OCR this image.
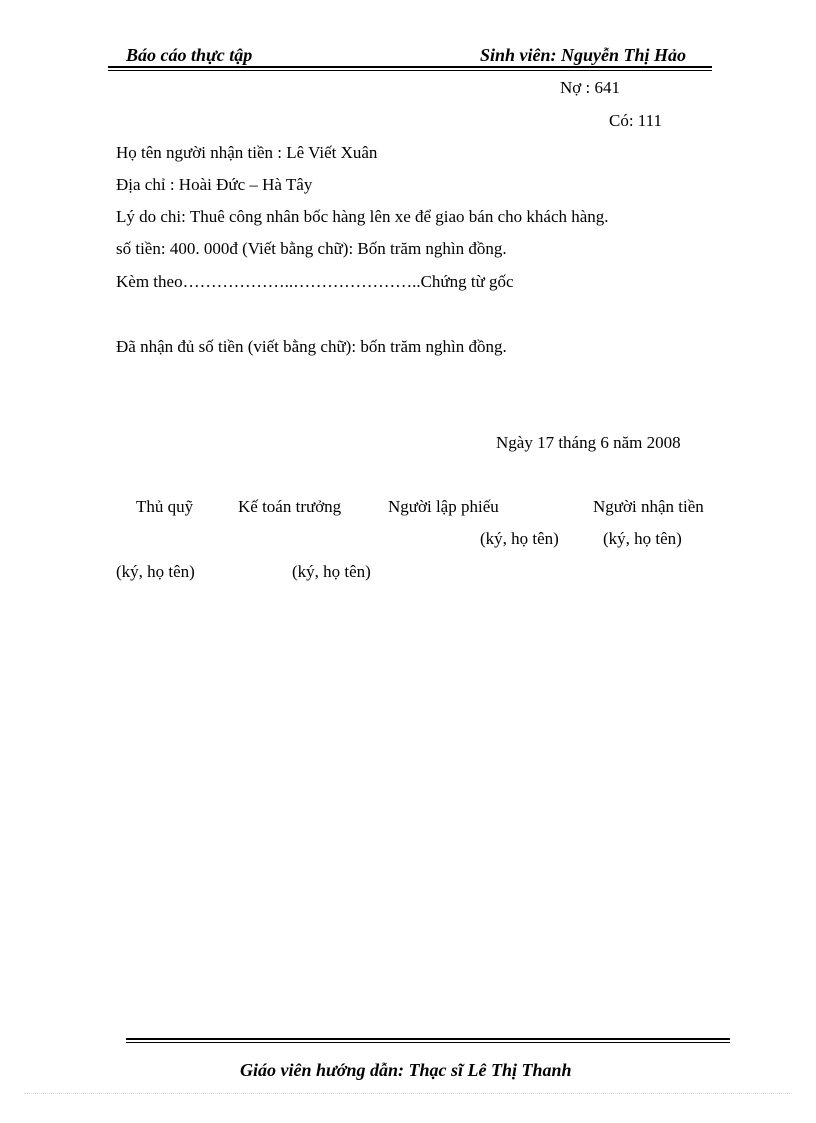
Báo cáo thực tập	Sinh viên: Nguyễn Thị Hảo
Nợ : 641
Có: 111
Họ tên người nhận tiền : Lê Viết Xuân
Địa chỉ : Hoài Đức – Hà Tây
Lý do chi: Thuê công nhân bốc hàng lên xe để giao bán cho khách hàng.
số tiền: 400. 000đ (Viết bằng chữ): Bốn trăm nghìn đồng.
Kèm theo………………..…………………..Chứng từ gốc
Đã nhận đủ số tiền (viết bằng chữ): bốn trăm nghìn đồng.
Ngày 17 tháng 6 năm 2008
Thủ quỹ	Kế toán trưởng	Người lập phiếu	Người nhận tiền
(ký, họ tên)	(ký, họ tên)
(ký, họ tên)	(ký, họ tên)
Giáo viên hướng dẫn: Thạc sĩ Lê Thị Thanh
